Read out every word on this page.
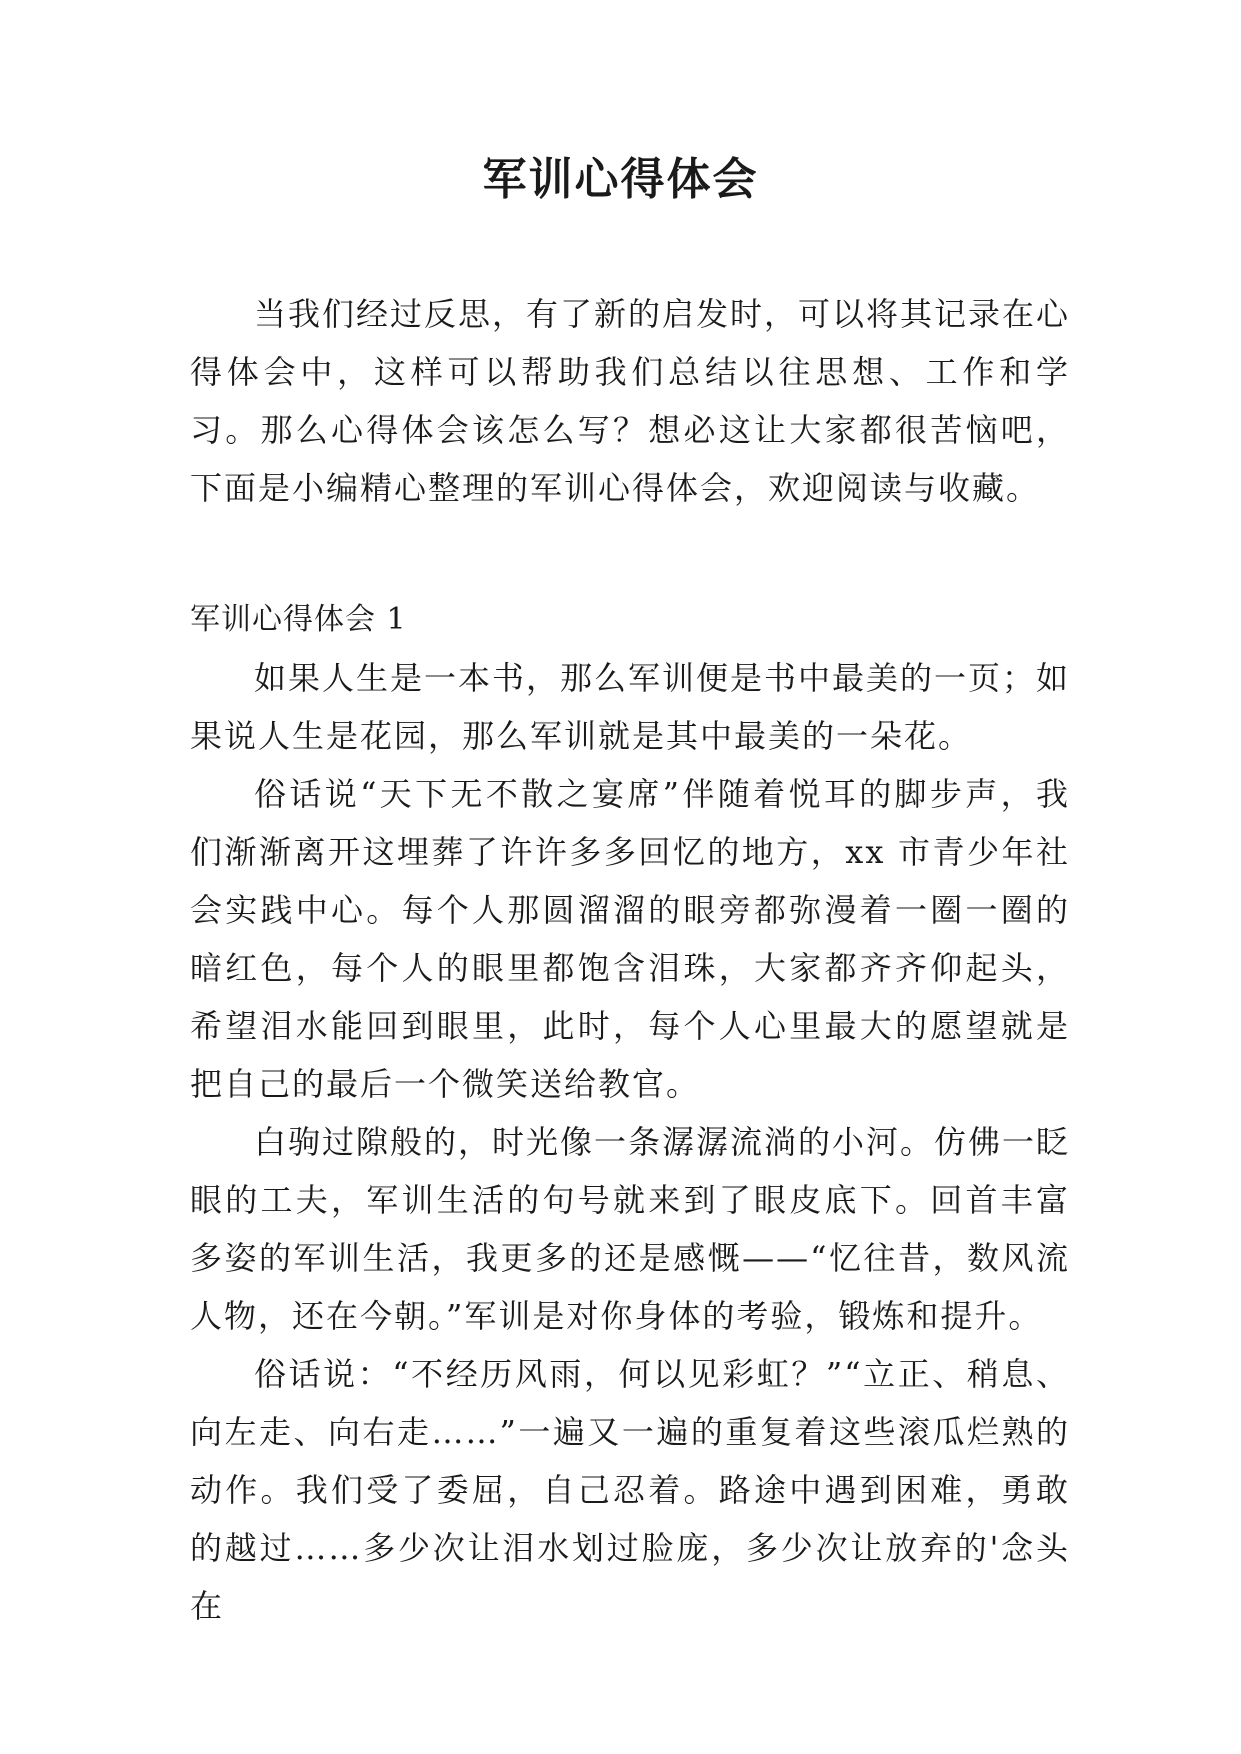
军训心得体会

当我们经过反思，有了新的启发时，可以将其记录在心得体会中，这样可以帮助我们总结以往思想、工作和学习。那么心得体会该怎么写？想必这让大家都很苦恼吧，下面是小编精心整理的军训心得体会，欢迎阅读与收藏。

军训心得体会 1

如果人生是一本书，那么军训便是书中最美的一页；如果说人生是花园，那么军训就是其中最美的一朵花。

俗话说“天下无不散之宴席”伴随着悦耳的脚步声，我们渐渐离开这埋葬了许许多多回忆的地方，xx 市青少年社会实践中心。每个人那圆溜溜的眼旁都弥漫着一圈一圈的暗红色，每个人的眼里都饱含泪珠，大家都齐齐仰起头，希望泪水能回到眼里，此时，每个人心里最大的愿望就是把自己的最后一个微笑送给教官。

白驹过隙般的，时光像一条潺潺流淌的小河。仿佛一眨眼的工夫，军训生活的句号就来到了眼皮底下。回首丰富多姿的军训生活，我更多的还是感慨——“忆往昔，数风流人物，还在今朝。”军训是对你身体的考验，锻炼和提升。

俗话说：“不经历风雨，何以见彩虹？”“立正、稍息、向左走、向右走……”一遍又一遍的重复着这些滚瓜烂熟的动作。我们受了委屈，自己忍着。路途中遇到困难，勇敢的越过……多少次让泪水划过脸庞，多少次让放弃的'念头在
